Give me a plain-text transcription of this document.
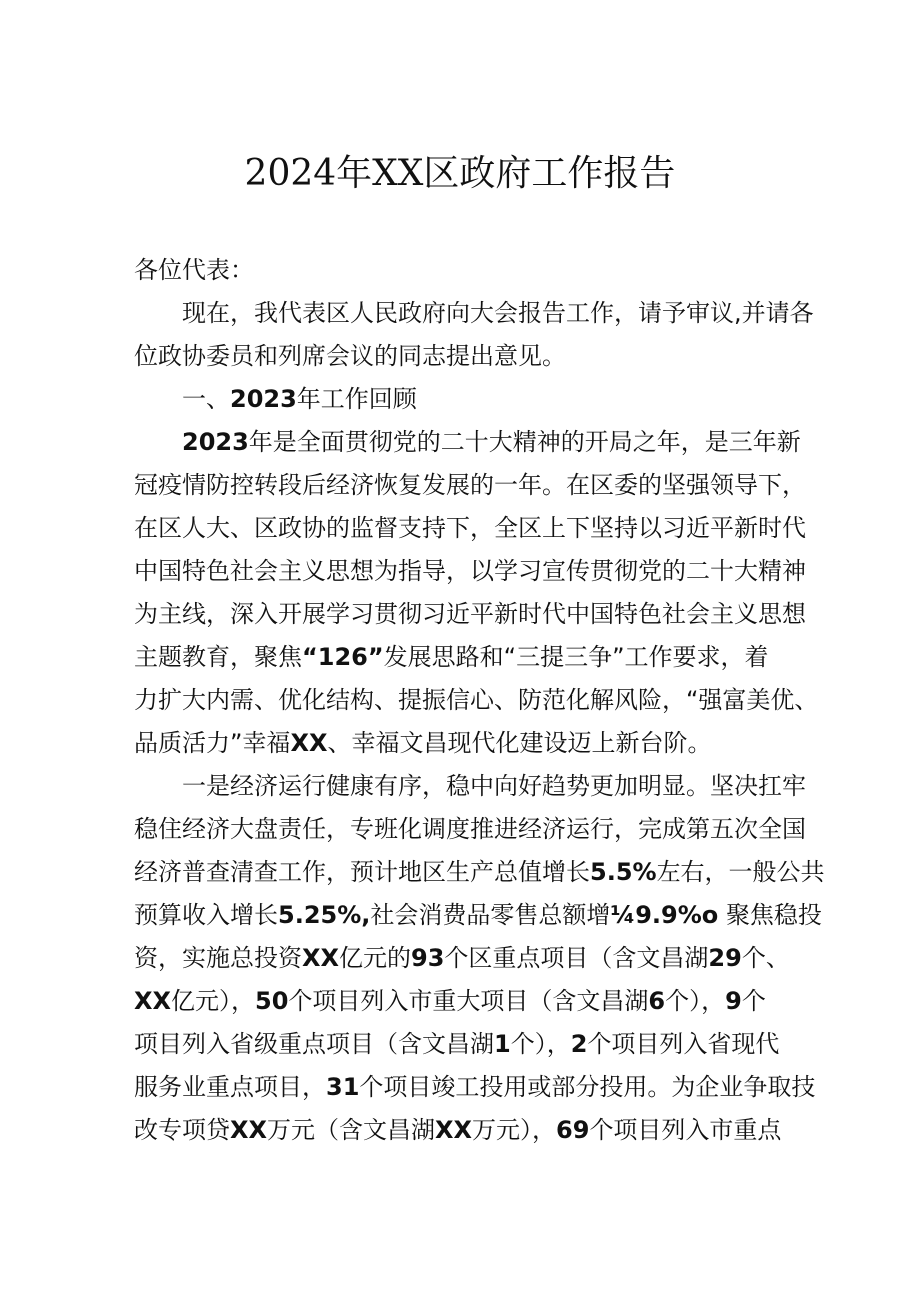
2024年XX区政府工作报告
各位代表：
现在，我代表区人民政府向大会报告工作，请予审议,并请各
位政协委员和列席会议的同志提出意见。
一、2023年工作回顾
2023年是全面贯彻党的二十大精神的开局之年，是三年新
冠疫情防控转段后经济恢复发展的一年。在区委的坚强领导下，
在区人大、区政协的监督支持下，全区上下坚持以习近平新时代
中国特色社会主义思想为指导，以学习宣传贯彻党的二十大精神
为主线，深入开展学习贯彻习近平新时代中国特色社会主义思想
主题教育，聚焦“126”发展思路和“三提三争”工作要求，着
力扩大内需、优化结构、提振信心、防范化解风险，“强富美优、
品质活力”幸福XX、幸福文昌现代化建设迈上新台阶。
一是经济运行健康有序，稳中向好趋势更加明显。坚决扛牢
稳住经济大盘责任，专班化调度推进经济运行，完成第五次全国
经济普查清查工作，预计地区生产总值增长5.5%左右，一般公共
预算收入增长5.25%,社会消费品零售总额增¼9.9%o 聚焦稳投
资，实施总投资XX亿元的93个区重点项目（含文昌湖29个、
XX亿元），50个项目列入市重大项目（含文昌湖6个），9个
项目列入省级重点项目（含文昌湖1个），2个项目列入省现代
服务业重点项目，31个项目竣工投用或部分投用。为企业争取技
改专项贷XX万元（含文昌湖XX万元），69个项目列入市重点
